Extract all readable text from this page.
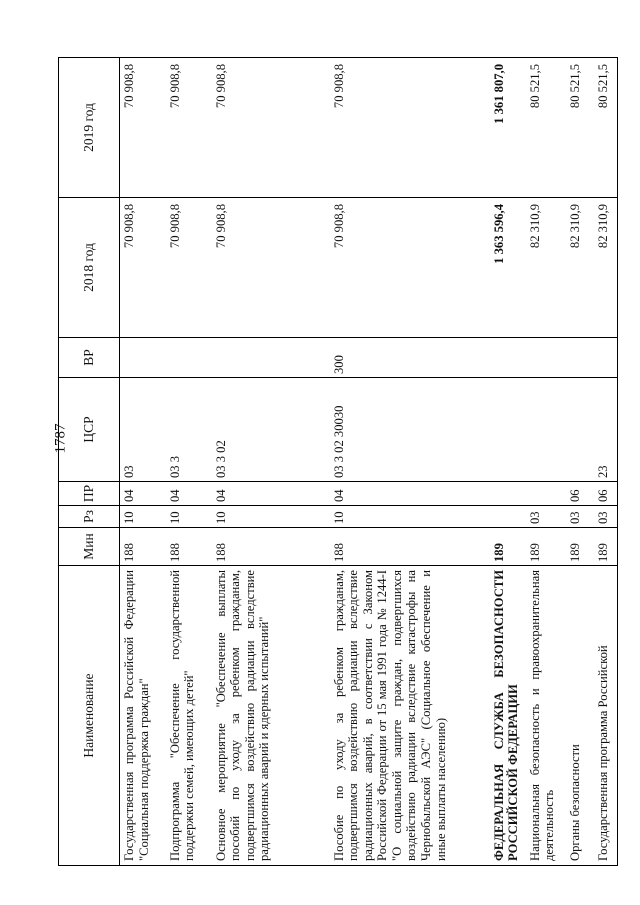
1787
Наименование	Мин	Рз	ПР	ЦСР	ВР	2018 год	2019 год
Государственная программа Российской Федерации "Социальная поддержка граждан"	188	10	04	03		70 908,8	70 908,8
Подпрограмма "Обеспечение государственной поддержки семей, имеющих детей"	188	10	04	03 3		70 908,8	70 908,8
Основное мероприятие "Обеспечение выплаты пособий по уходу за ребенком гражданам, подвергшимся воздействию радиации вследствие радиационных аварий и ядерных испытаний"	188	10	04	03 3 02		70 908,8	70 908,8
Пособие по уходу за ребенком гражданам, подвергшимся воздействию радиации вследствие радиационных аварий, в соответствии с Законом Российской Федерации от 15 мая 1991 года № 1244-I "О социальной защите граждан, подвергшихся воздействию радиации вследствие катастрофы на Чернобыльской АЭС" (Социальное обеспечение и иные выплаты населению)	188	10	04	03 3 02 30030	300	70 908,8	70 908,8
ФЕДЕРАЛЬНАЯ СЛУЖБА БЕЗОПАСНОСТИ РОССИЙСКОЙ ФЕДЕРАЦИИ	189					1 363 596,4	1 361 807,0
Национальная безопасность и правоохранительная деятельность	189	03				82 310,9	80 521,5
Органы безопасности	189	03	06			82 310,9	80 521,5
Государственная программа Российской	189	03	06	23		82 310,9	80 521,5
